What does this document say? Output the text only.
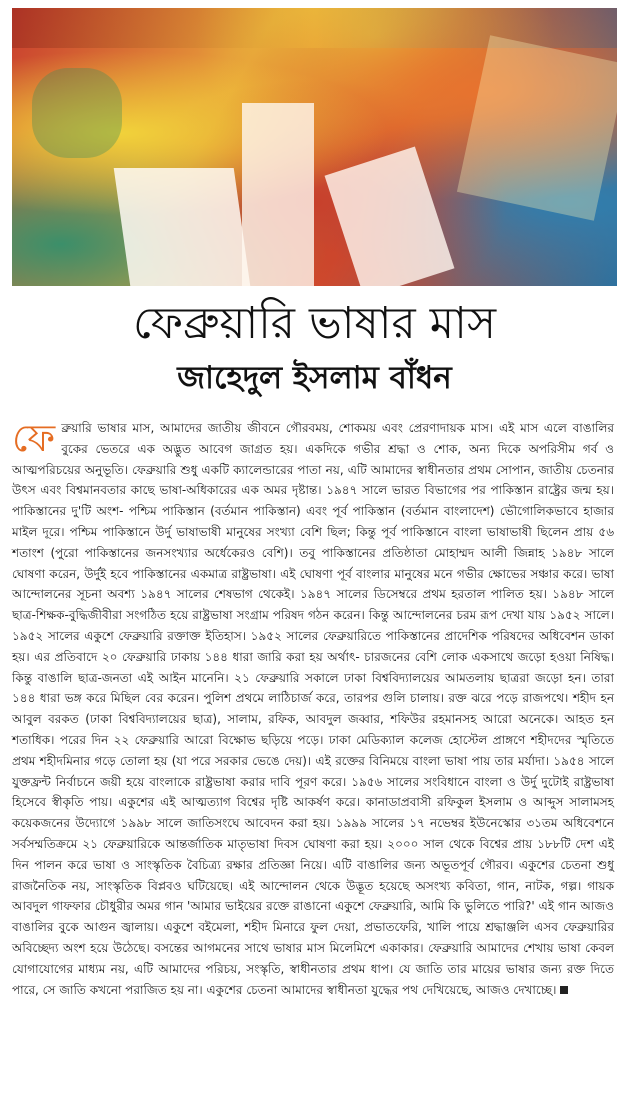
ফেব্রুয়ারি ভাষার মাস
জাহেদুল ইসলাম বাঁধন

ফেব্রুয়ারি ভাষার মাস, আমাদের জাতীয় জীবনে গৌরবময়, শোকময় এবং প্রেরণাদায়ক মাস। এই মাস এলে বাঙালির বুকের ভেতরে এক অদ্ভুত আবেগ জাগ্রত হয়। একদিকে গভীর শ্রদ্ধা ও শোক, অন্য দিকে অপরিসীম গর্ব ও আত্মপরিচয়ের অনুভূতি। ফেব্রুয়ারি শুধু একটি ক্যালেন্ডারের পাতা নয়, এটি আমাদের স্বাধীনতার প্রথম সোপান, জাতীয় চেতনার উৎস এবং বিশ্বমানবতার কাছে ভাষা-অধিকারের এক অমর দৃষ্টান্ত। ১৯৪৭ সালে ভারত বিভাগের পর পাকিস্তান রাষ্ট্রের জন্ম হয়। পাকিস্তানের দু'টি অংশ- পশ্চিম পাকিস্তান (বর্তমান পাকিস্তান) এবং পূর্ব পাকিস্তান (বর্তমান বাংলাদেশ) ভৌগোলিকভাবে হাজার মাইল দূরে। পশ্চিম পাকিস্তানে উর্দু ভাষাভাষী মানুষের সংখ্যা বেশি ছিল; কিন্তু পূর্ব পাকিস্তানে বাংলা ভাষাভাষী ছিলেন প্রায় ৫৬ শতাংশ (পুরো পাকিস্তানের জনসংখ্যার অর্ধেকেরও বেশি)। তবু পাকিস্তানের প্রতিষ্ঠাতা মোহাম্মদ আলী জিন্নাহ ১৯৪৮ সালে ঘোষণা করেন, উর্দুই হবে পাকিস্তানের একমাত্র রাষ্ট্রভাষা। এই ঘোষণা পূর্ব বাংলার মানুষের মনে গভীর ক্ষোভের সঞ্চার করে। ভাষা আন্দোলনের সূচনা অবশ্য ১৯৪৭ সালের শেষভাগ থেকেই। ১৯৪৭ সালের ডিসেম্বরে প্রথম হরতাল পালিত হয়। ১৯৪৮ সালে ছাত্র-শিক্ষক-বুদ্ধিজীবীরা সংগঠিত হয়ে রাষ্ট্রভাষা সংগ্রাম পরিষদ গঠন করেন। কিন্তু আন্দোলনের চরম রূপ দেখা যায় ১৯৫২ সালে। ১৯৫২ সালের একুশে ফেব্রুয়ারি রক্তাক্ত ইতিহাস। ১৯৫২ সালের ফেব্রুয়ারিতে পাকিস্তানের প্রাদেশিক পরিষদের অধিবেশন ডাকা হয়। এর প্রতিবাদে ২০ ফেব্রুয়ারি ঢাকায় ১৪৪ ধারা জারি করা হয় অর্থাৎ- চারজনের বেশি লোক একসাথে জড়ো হওয়া নিষিদ্ধ। কিন্তু বাঙালি ছাত্র-জনতা এই আইন মানেনি। ২১ ফেব্রুয়ারি সকালে ঢাকা বিশ্ববিদ্যালয়ের আমতলায় ছাত্ররা জড়ো হন। তারা ১৪৪ ধারা ভঙ্গ করে মিছিল বের করেন। পুলিশ প্রথমে লাঠিচার্জ করে, তারপর গুলি চালায়। রক্ত ঝরে পড়ে রাজপথে। শহীদ হন আবুল বরকত (ঢাকা বিশ্ববিদ্যালয়ের ছাত্র), সালাম, রফিক, আবদুল জব্বার, শফিউর রহমানসহ আরো অনেকে। আহত হন শতাধিক। পরের দিন ২২ ফেব্রুয়ারি আরো বিক্ষোভ ছড়িয়ে পড়ে। ঢাকা মেডিক্যাল কলেজ হোস্টেল প্রাঙ্গণে শহীদদের স্মৃতিতে প্রথম শহীদমিনার গড়ে তোলা হয় (যা পরে সরকার ভেঙে দেয়)। এই রক্তের বিনিময়ে বাংলা ভাষা পায় তার মর্যাদা। ১৯৫৪ সালে যুক্তফ্রন্ট নির্বাচনে জয়ী হয়ে বাংলাকে রাষ্ট্রভাষা করার দাবি পূরণ করে। ১৯৫৬ সালের সংবিধানে বাংলা ও উর্দু দুটোই রাষ্ট্রভাষা হিসেবে স্বীকৃতি পায়। একুশের এই আত্মত্যাগ বিশ্বের দৃষ্টি আকর্ষণ করে। কানাডাপ্রবাসী রফিকুল ইসলাম ও আব্দুস সালামসহ কয়েকজনের উদ্যোগে ১৯৯৮ সালে জাতিসংঘে আবেদন করা হয়। ১৯৯৯ সালের ১৭ নভেম্বর ইউনেস্কোর ৩১তম অধিবেশনে সর্বসম্মতিক্রমে ২১ ফেব্রুয়ারিকে আন্তর্জাতিক মাতৃভাষা দিবস ঘোষণা করা হয়। ২০০০ সাল থেকে বিশ্বের প্রায় ১৮৮টি দেশ এই দিন পালন করে ভাষা ও সাংস্কৃতিক বৈচিত্র্য রক্ষার প্রতিজ্ঞা নিয়ে। এটি বাঙালির জন্য অভূতপূর্ব গৌরব। একুশের চেতনা শুধু রাজনৈতিক নয়, সাংস্কৃতিক বিপ্লবও ঘটিয়েছে। এই আন্দোলন থেকে উদ্ভূত হয়েছে অসংখ্য কবিতা, গান, নাটক, গল্প। গায়ক আবদুল গাফফার চৌধুরীর অমর গান 'আমার ভাইয়ের রক্তে রাঙানো একুশে ফেব্রুয়ারি, আমি কি ভুলিতে পারি?' এই গান আজও বাঙালির বুকে আগুন জ্বালায়। একুশে বইমেলা, শহীদ মিনারে ফুল দেয়া, প্রভাতফেরি, খালি পায়ে শ্রদ্ধাঞ্জলি এসব ফেব্রুয়ারির অবিচ্ছেদ্য অংশ হয়ে উঠেছে। বসন্তের আগমনের সাথে ভাষার মাস মিলেমিশে একাকার। ফেব্রুয়ারি আমাদের শেখায় ভাষা কেবল যোগাযোগের মাধ্যম নয়, এটি আমাদের পরিচয়, সংস্কৃতি, স্বাধীনতার প্রথম ধাপ। যে জাতি তার মায়ের ভাষার জন্য রক্ত দিতে পারে, সে জাতি কখনো পরাজিত হয় না। একুশের চেতনা আমাদের স্বাধীনতা যুদ্ধের পথ দেখিয়েছে, আজও দেখাচ্ছে।
